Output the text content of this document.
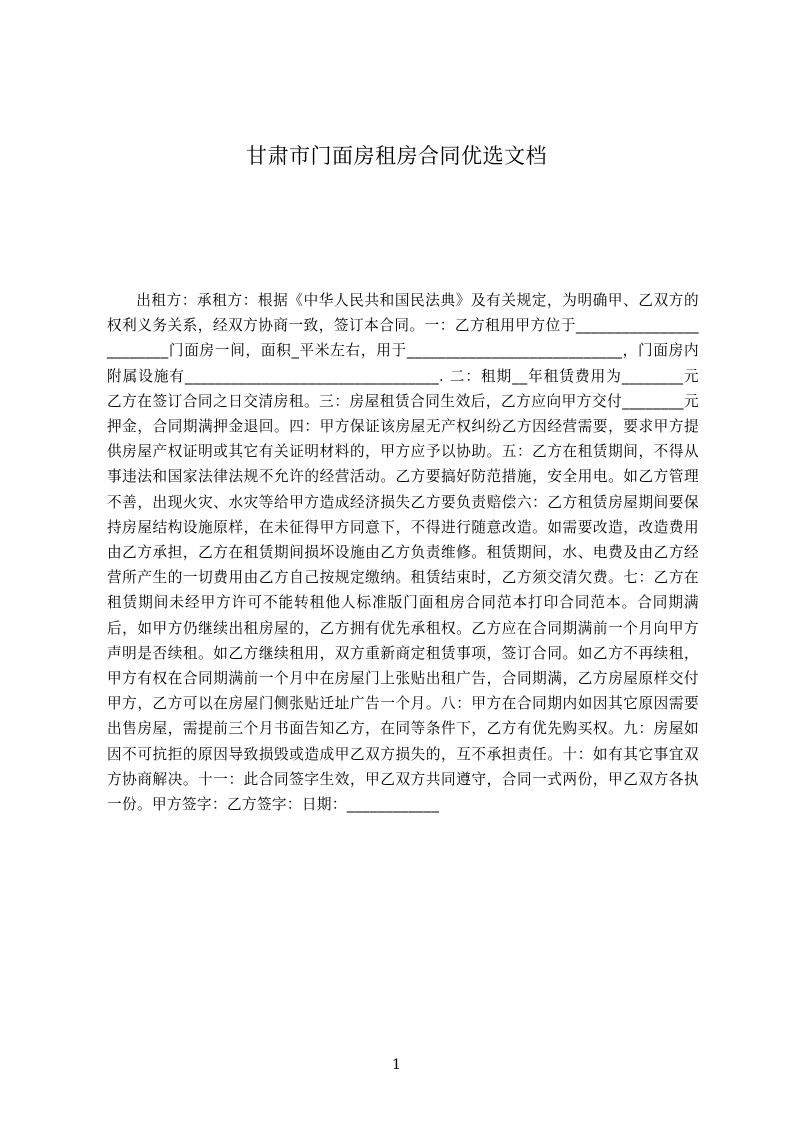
甘肃市门面房租房合同优选文档

出租方：承租方：根据《中华人民共和国民法典》及有关规定，为明确甲、乙双方的权利义务关系，经双方协商一致，签订本合同。一：乙方租用甲方位于________________________门面房一间，面积_平米左右，用于____________________________，门面房内附属设施有_________________________________. 二：租期__年租赁费用为________元乙方在签订合同之日交清房租。三：房屋租赁合同生效后，乙方应向甲方交付________元押金，合同期满押金退回。四：甲方保证该房屋无产权纠纷乙方因经营需要，要求甲方提供房屋产权证明或其它有关证明材料的，甲方应予以协助。五：乙方在租赁期间，不得从事违法和国家法律法规不允许的经营活动。乙方要搞好防范措施，安全用电。如乙方管理不善，出现火灾、水灾等给甲方造成经济损失乙方要负责赔偿六：乙方租赁房屋期间要保持房屋结构设施原样，在未征得甲方同意下，不得进行随意改造。如需要改造，改造费用由乙方承担，乙方在租赁期间损坏设施由乙方负责维修。租赁期间，水、电费及由乙方经营所产生的一切费用由乙方自己按规定缴纳。租赁结束时，乙方须交清欠费。七：乙方在租赁期间未经甲方许可不能转租他人标准版门面租房合同范本打印合同范本。合同期满后，如甲方仍继续出租房屋的，乙方拥有优先承租权。乙方应在合同期满前一个月向甲方声明是否续租。如乙方继续租用，双方重新商定租赁事项，签订合同。如乙方不再续租，甲方有权在合同期满前一个月中在房屋门上张贴出租广告，合同期满，乙方房屋原样交付甲方，乙方可以在房屋门侧张贴迁址广告一个月。八：甲方在合同期内如因其它原因需要出售房屋，需提前三个月书面告知乙方，在同等条件下，乙方有优先购买权。九：房屋如因不可抗拒的原因导致损毁或造成甲乙双方损失的，互不承担责任。十：如有其它事宜双方协商解决。十一：此合同签字生效，甲乙双方共同遵守，合同一式两份，甲乙双方各执一份。甲方签字：乙方签字：日期：____________

1
